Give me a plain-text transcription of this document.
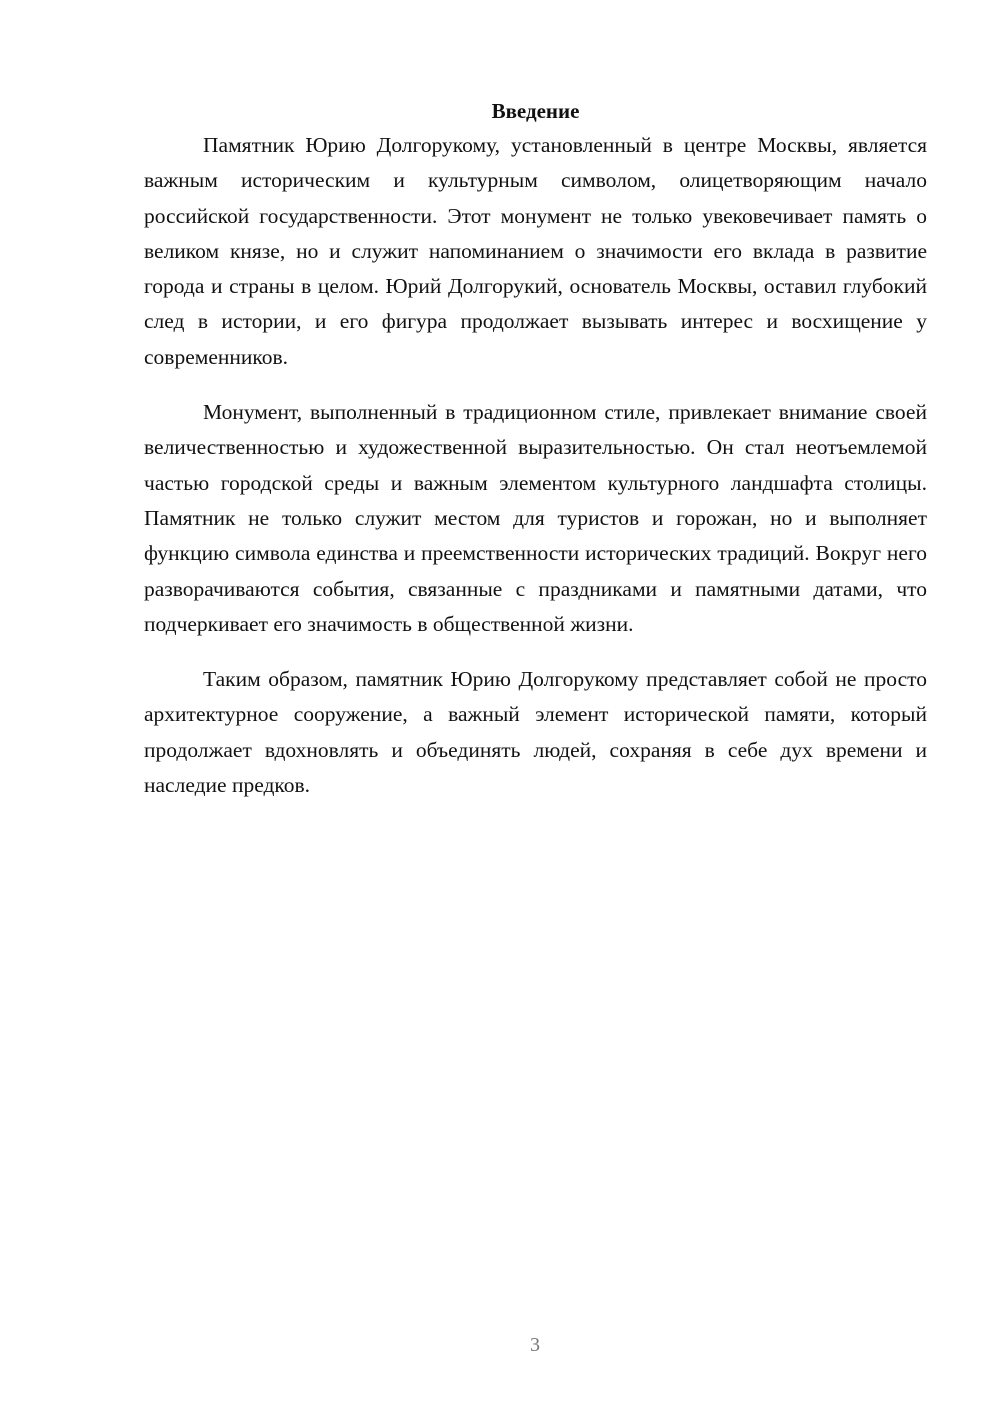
Введение

Памятник Юрию Долгорукому, установленный в центре Москвы, является важным историческим и культурным символом, олицетворяющим начало российской государственности. Этот монумент не только увековечивает память о великом князе, но и служит напоминанием о значимости его вклада в развитие города и страны в целом. Юрий Долгорукий, основатель Москвы, оставил глубокий след в истории, и его фигура продолжает вызывать интерес и восхищение у современников.

Монумент, выполненный в традиционном стиле, привлекает внимание своей величественностью и художественной выразительностью. Он стал неотъемлемой частью городской среды и важным элементом культурного ландшафта столицы. Памятник не только служит местом для туристов и горожан, но и выполняет функцию символа единства и преемственности исторических традиций. Вокруг него разворачиваются события, связанные с праздниками и памятными датами, что подчеркивает его значимость в общественной жизни.

Таким образом, памятник Юрию Долгорукому представляет собой не просто архитектурное сооружение, а важный элемент исторической памяти, который продолжает вдохновлять и объединять людей, сохраняя в себе дух времени и наследие предков.

3
